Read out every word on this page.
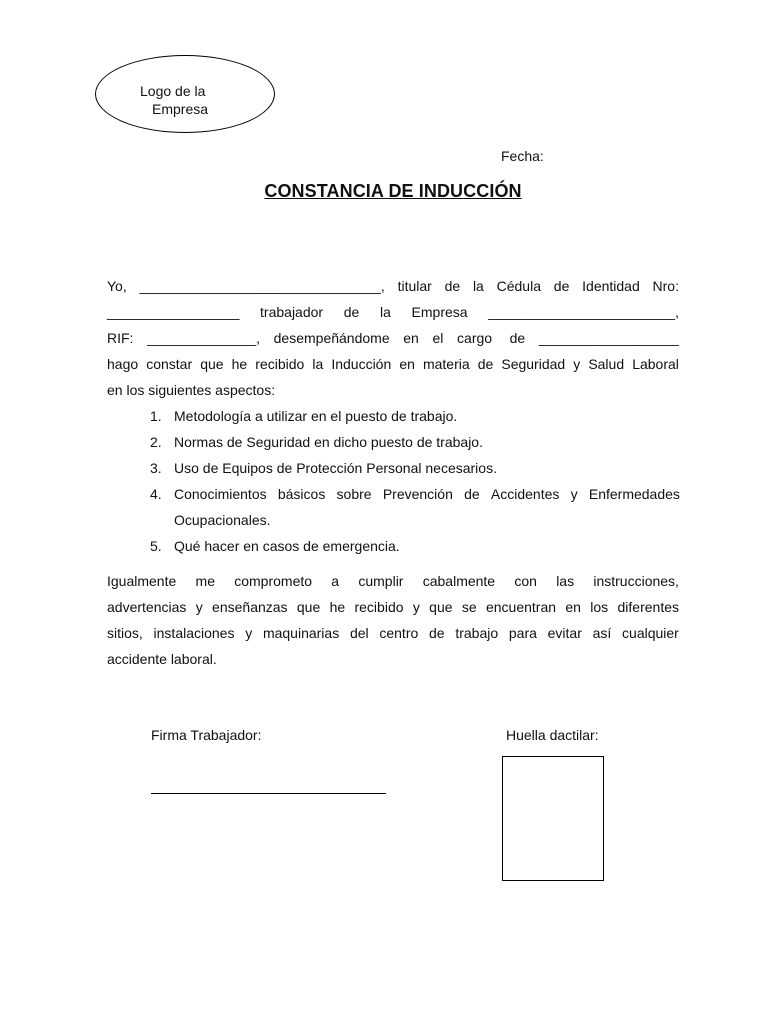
Logo de la
Empresa
Fecha:
CONSTANCIA DE INDUCCIÓN
Yo, _______________________________, titular de la Cédula de Identidad Nro:
_________________ trabajador de la Empresa ________________________,
RIF: ______________, desempeñándome en el cargo de __________________
hago constar que he recibido la Inducción en materia de Seguridad y Salud Laboral
en los siguientes aspectos:
1. Metodología a utilizar en el puesto de trabajo.
2. Normas de Seguridad en dicho puesto de trabajo.
3. Uso de Equipos de Protección Personal necesarios.
4. Conocimientos básicos sobre Prevención de Accidentes y Enfermedades
Ocupacionales.
5. Qué hacer en casos de emergencia.
Igualmente me comprometo a cumplir cabalmente con las instrucciones,
advertencias y enseñanzas que he recibido y que se encuentran en los diferentes
sitios, instalaciones y maquinarias del centro de trabajo para evitar así cualquier
accidente laboral.
Firma Trabajador:	Huella dactilar:
